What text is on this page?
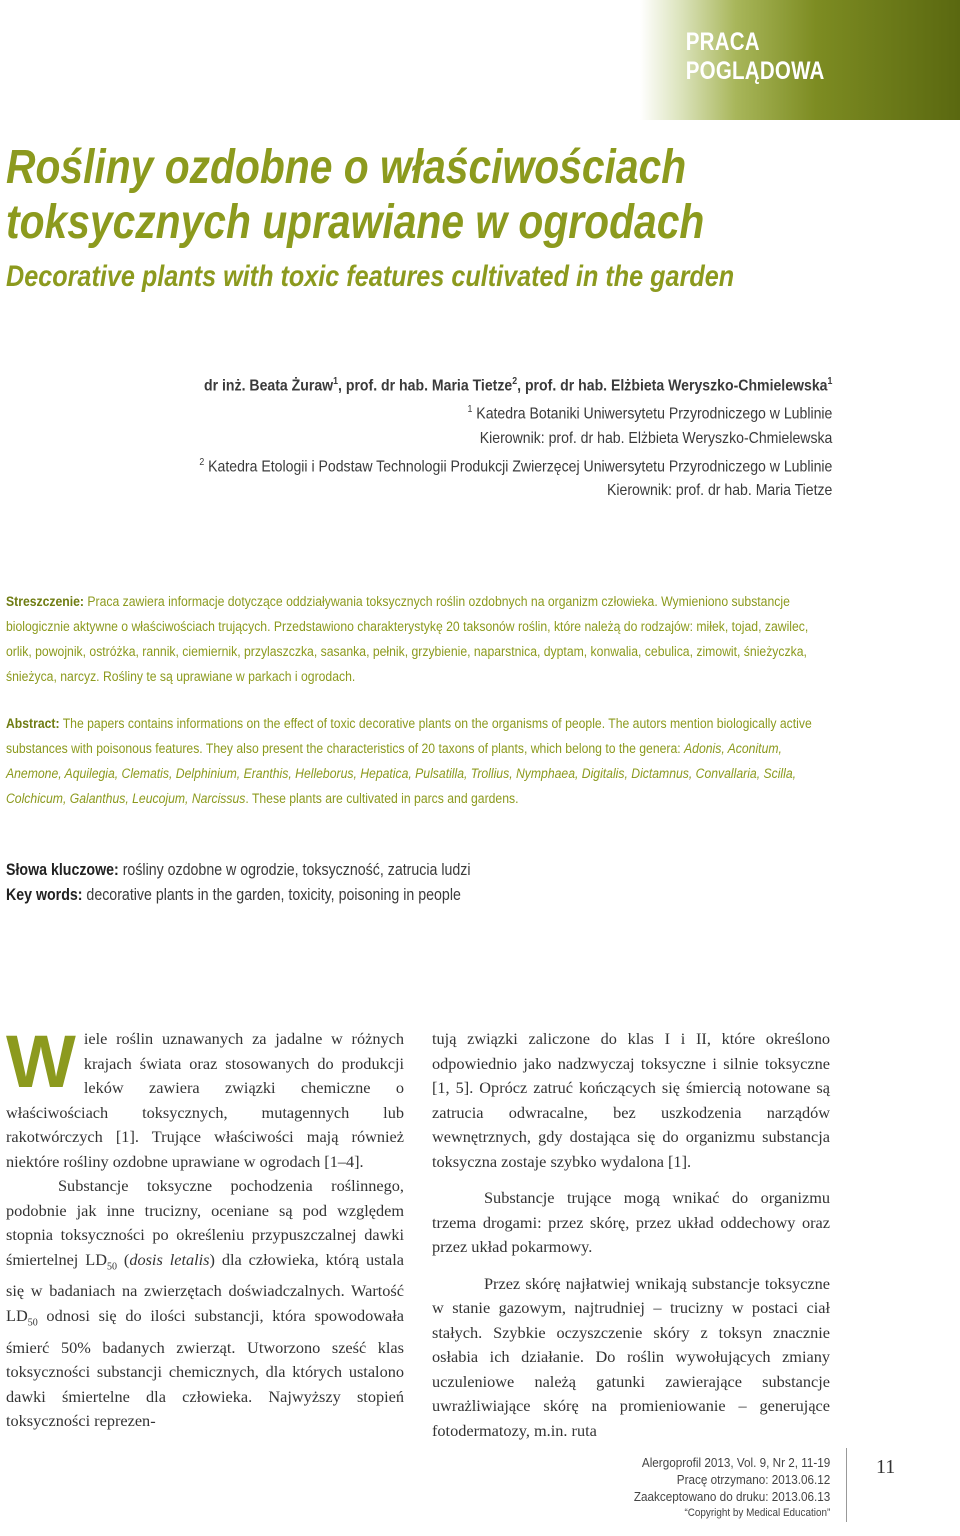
PRACA POGLĄDOWA
Rośliny ozdobne o właściwościach
toksycznych uprawiane w ogrodach
Decorative plants with toxic features cultivated in the garden
dr inż. Beata Żuraw$^1$, prof. dr hab. Maria Tietze$^2$, prof. dr hab. Elżbieta Weryszko-Chmielewska$^1$
$^1$ Katedra Botaniki Uniwersytetu Przyrodniczego w Lublinie
Kierownik: prof. dr hab. Elżbieta Weryszko-Chmielewska
$^2$ Katedra Etologii i Podstaw Technologii Produkcji Zwierzęcej Uniwersytetu Przyrodniczego w Lublinie
Kierownik: prof. dr hab. Maria Tietze
Streszczenie: Praca zawiera informacje dotyczące oddziaływania toksycznych roślin ozdobnych na organizm człowieka. Wymieniono substancje biologicznie aktywne o właściwościach trujących. Przedstawiono charakterystykę 20 taksonów roślin, które należą do rodzajów: miłek, tojad, zawilec, orlik, powojnik, ostróżka, rannik, ciemiernik, przylaszczka, sasanka, pełnik, grzybienie, naparstnica, dyptam, konwalia, cebulica, zimowit, śnieżyczka, śnieżyca, narcyz. Rośliny te są uprawiane w parkach i ogrodach.
Abstract: The papers contains informations on the effect of toxic decorative plants on the organisms of people. The autors mention biologically active substances with poisonous features. They also present the characteristics of 20 taxons of plants, which belong to the genera: Adonis, Aconitum, Anemone, Aquilegia, Clematis, Delphinium, Eranthis, Helleborus, Hepatica, Pulsatilla, Trollius, Nymphaea, Digitalis, Dictamnus, Convallaria, Scilla, Colchicum, Galanthus, Leucojum, Narcissus. These plants are cultivated in parcs and gardens.
Słowa kluczowe: rośliny ozdobne w ogrodzie, toksyczność, zatrucia ludzi
Key words: decorative plants in the garden, toxicity, poisoning in people

Wiele roślin uznawanych za jadalne w różnych krajach świata oraz stosowanych do produkcji leków zawiera związki chemiczne o właściwościach toksycznych, mutagennych lub rakotwórczych [1]. Trujące właściwości mają również niektóre rośliny ozdobne uprawiane w ogrodach [1–4].

Substancje toksyczne pochodzenia roślinnego, podobnie jak inne trucizny, oceniane są pod względem stopnia toksyczności po określeniu przypuszczalnej dawki śmiertelnej $LD_{50}$ (dosis letalis) dla człowieka, którą ustala się w badaniach na zwierzętach doświadczalnych. Wartość $LD_{50}$ odnosi się do ilości substancji, która spowodowała śmierć 50% badanych zwierząt. Utworzono sześć klas toksyczności substancji chemicznych, dla których ustalono dawki śmiertelne dla człowieka. Najwyższy stopień toksyczności reprezen-

tują związki zaliczone do klas I i II, które określono odpowiednio jako nadzwyczaj toksyczne i silnie toksyczne [1, 5]. Oprócz zatruć kończących się śmiercią notowane są zatrucia odwracalne, bez uszkodzenia narządów wewnętrznych, gdy dostająca się do organizmu substancja toksyczna zostaje szybko wydalona [1].

Substancje trujące mogą wnikać do organizmu trzema drogami: przez skórę, przez układ oddechowy oraz przez układ pokarmowy.

Przez skórę najłatwiej wnikają substancje toksyczne w stanie gazowym, najtrudniej – trucizny w postaci ciał stałych. Szybkie oczyszczenie skóry z toksyn znacznie osłabia ich działanie. Do roślin wywołujących zmiany uczuleniowe należą gatunki zawierające substancje uwrażliwiające skórę na promieniowanie – generujące fotodermatozy, m.in. ruta

Alergoprofil 2013, Vol. 9, Nr 2, 11-19
Pracę otrzymano: 2013.06.12
Zaakceptowano do druku: 2013.06.13
“Copyright by Medical Education”
11
